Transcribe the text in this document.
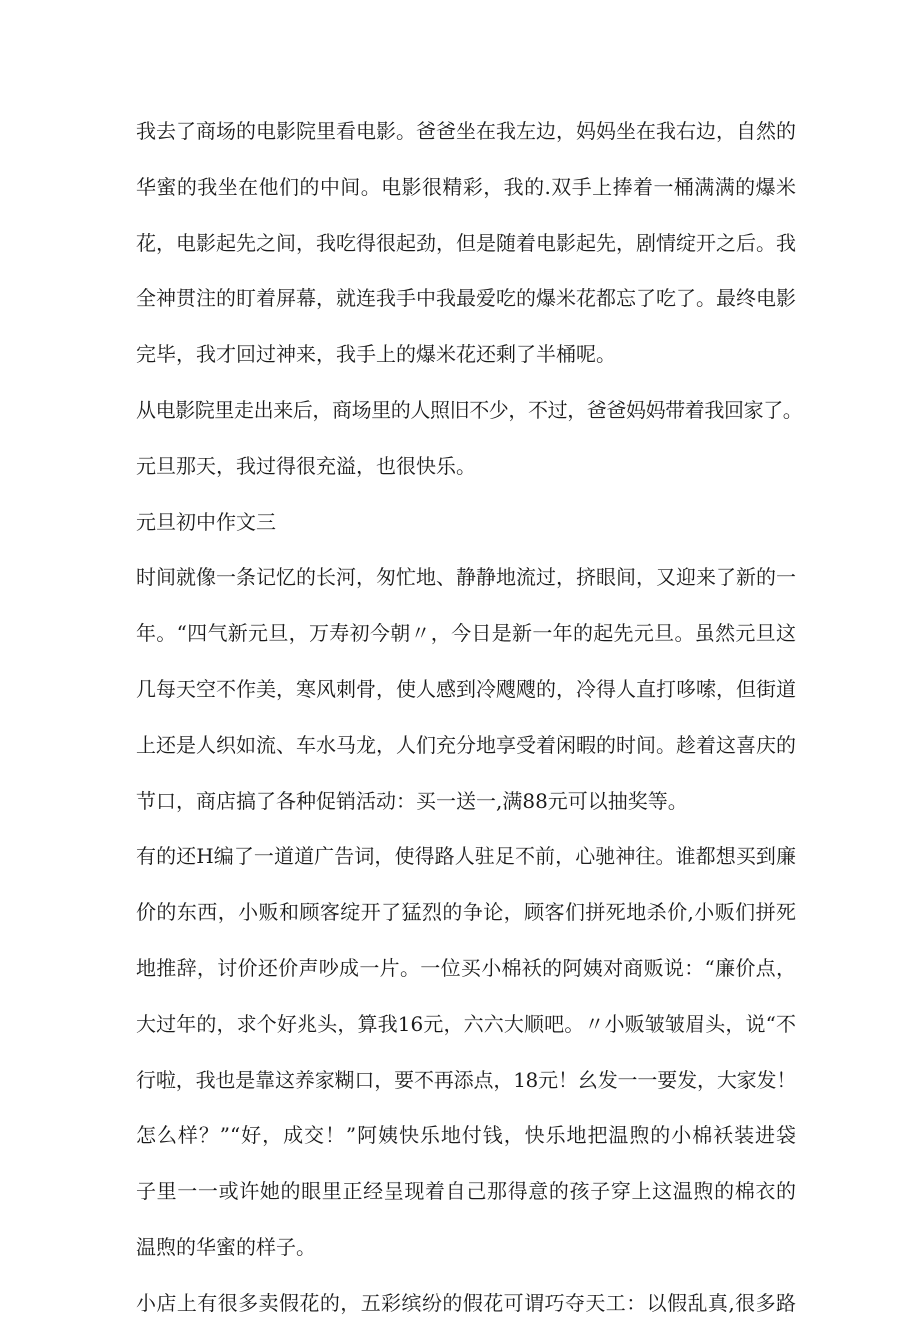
我去了商场的电影院里看电影。爸爸坐在我左边，妈妈坐在我右边，自然的

华蜜的我坐在他们的中间。电影很精彩，我的.双手上捧着一桶满满的爆米

花，电影起先之间，我吃得很起劲，但是随着电影起先，剧情绽开之后。我

全神贯注的盯着屏幕，就连我手中我最爱吃的爆米花都忘了吃了。最终电影

完毕，我才回过神来，我手上的爆米花还剩了半桶呢。

从电影院里走出来后，商场里的人照旧不少，不过，爸爸妈妈带着我回家了。

元旦那天，我过得很充溢，也很快乐。

元旦初中作文三

时间就像一条记忆的长河，匆忙地、静静地流过，挤眼间，又迎来了新的一

年。“四气新元旦，万寿初今朝〃，今日是新一年的起先元旦。虽然元旦这

几每天空不作美，寒风刺骨，使人感到冷飕飕的，冷得人直打哆嗦，但街道

上还是人织如流、车水马龙，人们充分地享受着闲暇的时间。趁着这喜庆的

节口，商店搞了各种促销活动：买一送一,满88元可以抽奖等。

有的还H编了一道道广告词，使得路人驻足不前，心驰神往。谁都想买到廉

价的东西，小贩和顾客绽开了猛烈的争论，顾客们拼死地杀价,小贩们拼死

地推辞，讨价还价声吵成一片。一位买小棉袄的阿姨对商贩说：“廉价点，

大过年的，求个好兆头，算我16元，六六大顺吧。〃小贩皱皱眉头，说“不

行啦，我也是靠这养家糊口，要不再添点，18元！幺发一一要发，大家发！

怎么样？”“好，成交！”阿姨快乐地付钱，快乐地把温煦的小棉袄装进袋

子里一一或许她的眼里正经呈现着自己那得意的孩子穿上这温煦的棉衣的

温煦的华蜜的样子。

小店上有很多卖假花的，五彩缤纷的假花可谓巧夺天工：以假乱真,很多路
